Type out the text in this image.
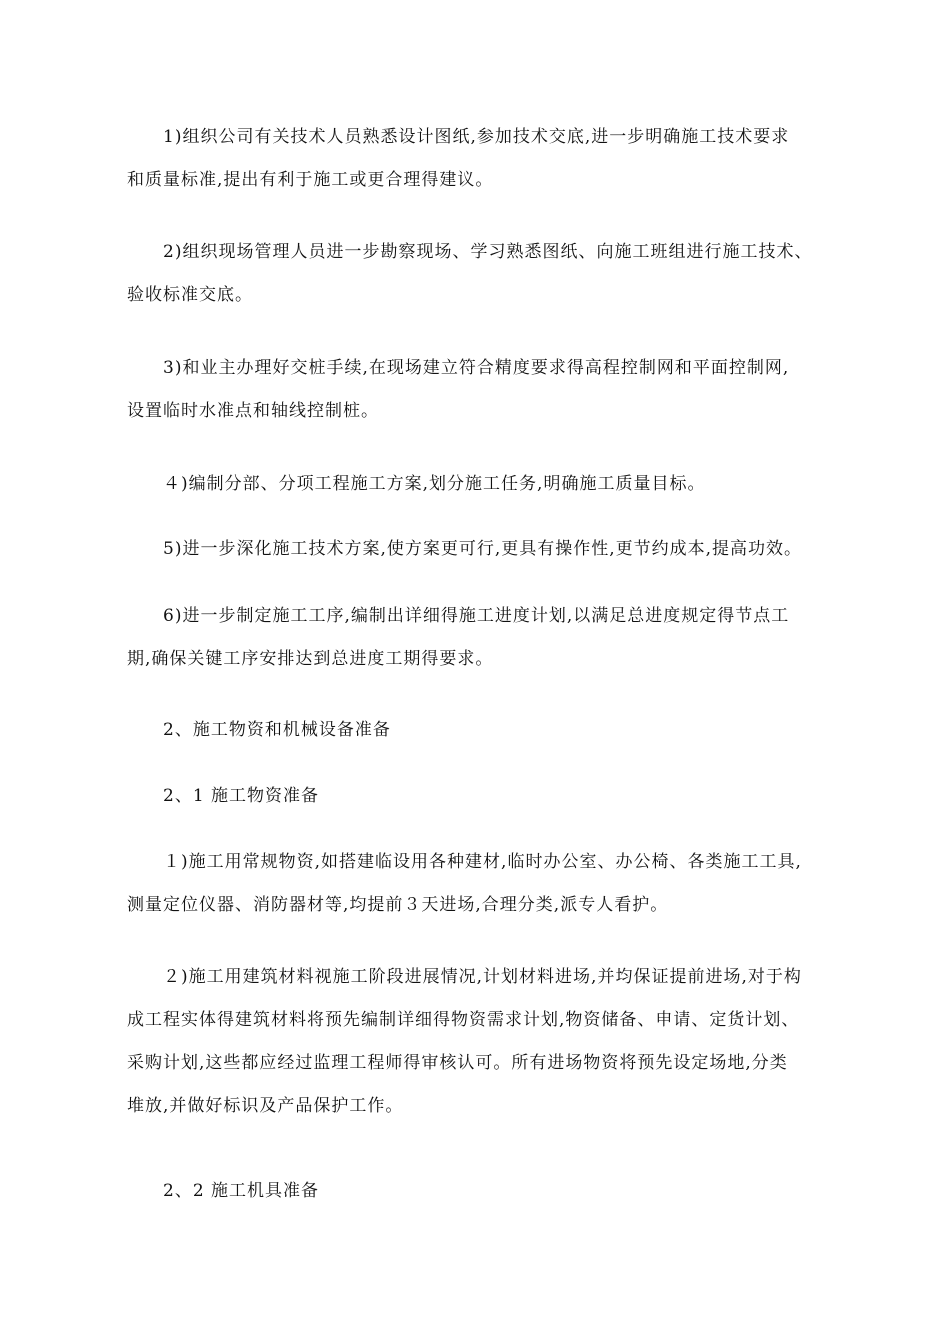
1)组织公司有关技术人员熟悉设计图纸,参加技术交底,进一步明确施工技术要求
和质量标准,提出有利于施工或更合理得建议。
2)组织现场管理人员进一步勘察现场、学习熟悉图纸、向施工班组进行施工技术、
验收标准交底。
3)和业主办理好交桩手续,在现场建立符合精度要求得高程控制网和平面控制网,
设置临时水准点和轴线控制桩。
４)编制分部、分项工程施工方案,划分施工任务,明确施工质量目标。
5)进一步深化施工技术方案,使方案更可行,更具有操作性,更节约成本,提高功效。
6)进一步制定施工工序,编制出详细得施工进度计划,以满足总进度规定得节点工
期,确保关键工序安排达到总进度工期得要求。
2、施工物资和机械设备准备
2、1 施工物资准备
１)施工用常规物资,如搭建临设用各种建材,临时办公室、办公椅、各类施工工具,
测量定位仪器、消防器材等,均提前３天进场,合理分类,派专人看护。
２)施工用建筑材料视施工阶段进展情况,计划材料进场,并均保证提前进场,对于构
成工程实体得建筑材料将预先编制详细得物资需求计划,物资储备、申请、定货计划、
采购计划,这些都应经过监理工程师得审核认可。所有进场物资将预先设定场地,分类
堆放,并做好标识及产品保护工作。
2、2 施工机具准备
